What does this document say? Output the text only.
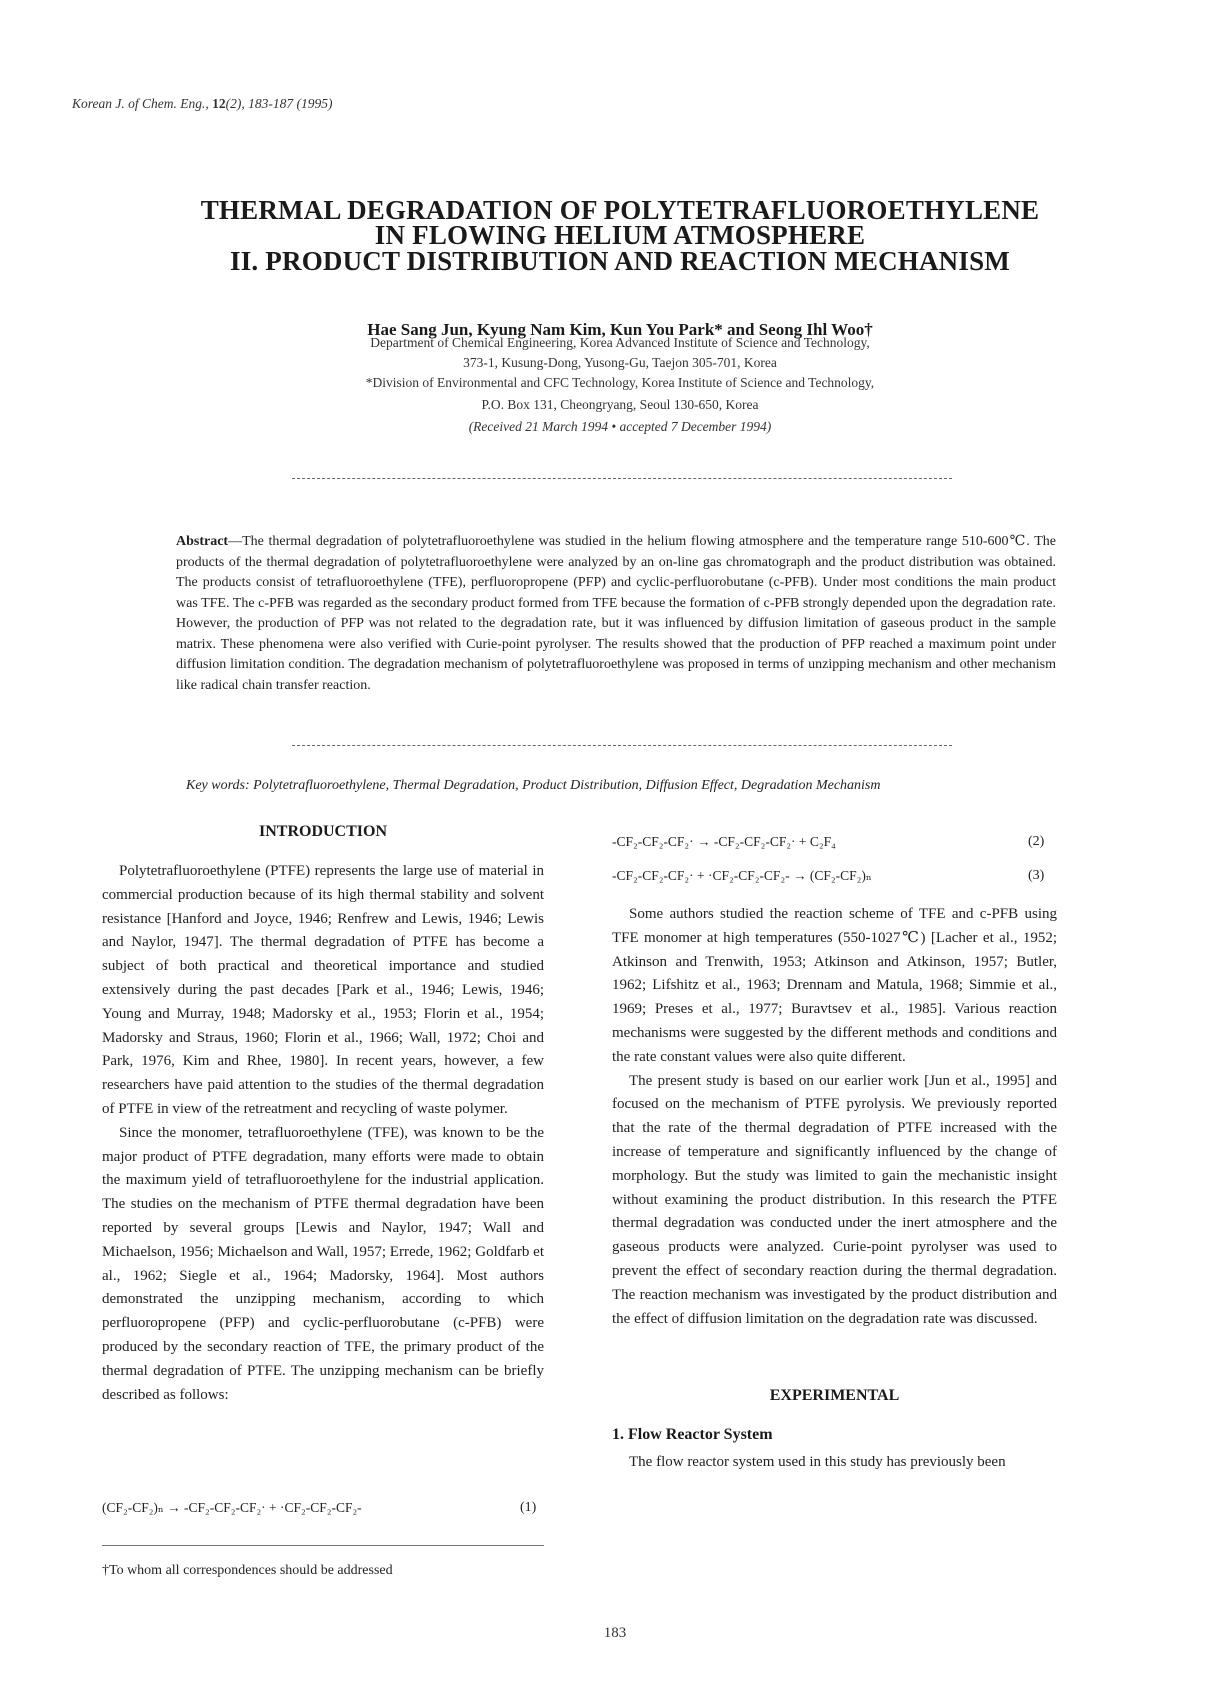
Korean J. of Chem. Eng., 12(2), 183-187 (1995)
THERMAL DEGRADATION OF POLYTETRAFLUOROETHYLENE
IN FLOWING HELIUM ATMOSPHERE
II. PRODUCT DISTRIBUTION AND REACTION MECHANISM
Hae Sang Jun, Kyung Nam Kim, Kun You Park* and Seong Ihl Woo†
Department of Chemical Engineering, Korea Advanced Institute of Science and Technology,
373-1, Kusung-Dong, Yusong-Gu, Taejon 305-701, Korea
*Division of Environmental and CFC Technology, Korea Institute of Science and Technology,
P.O. Box 131, Cheongryang, Seoul 130-650, Korea
(Received 21 March 1994 • accepted 7 December 1994)
Abstract—The thermal degradation of polytetrafluoroethylene was studied in the helium flowing atmosphere and the temperature range 510-600℃. The products of the thermal degradation of polytetrafluoroethylene were analyzed by an on-line gas chromatograph and the product distribution was obtained. The products consist of tetrafluoroethylene (TFE), perfluoropropene (PFP) and cyclic-perfluorobutane (c-PFB). Under most conditions the main product was TFE. The c-PFB was regarded as the secondary product formed from TFE because the formation of c-PFB strongly depended upon the degradation rate. However, the production of PFP was not related to the degradation rate, but it was influenced by diffusion limitation of gaseous product in the sample matrix. These phenomena were also verified with Curie-point pyrolyser. The results showed that the production of PFP reached a maximum point under diffusion limitation condition. The degradation mechanism of polytetrafluoroethylene was proposed in terms of unzipping mechanism and other mechanism like radical chain transfer reaction.
Key words: Polytetrafluoroethylene, Thermal Degradation, Product Distribution, Diffusion Effect, Degradation Mechanism
INTRODUCTION

Polytetrafluoroethylene (PTFE) represents the large use of material in commercial production because of its high thermal stability and solvent resistance [Hanford and Joyce, 1946; Renfrew and Lewis, 1946; Lewis and Naylor, 1947]. The thermal degradation of PTFE has become a subject of both practical and theoretical importance and studied extensively during the past decades [Park et al., 1946; Lewis, 1946; Young and Murray, 1948; Madorsky et al., 1953; Florin et al., 1954; Madorsky and Straus, 1960; Florin et al., 1966; Wall, 1972; Choi and Park, 1976, Kim and Rhee, 1980]. In recent years, however, a few researchers have paid attention to the studies of the thermal degradation of PTFE in view of the retreatment and recycling of waste polymer.

Since the monomer, tetrafluoroethylene (TFE), was known to be the major product of PTFE degradation, many efforts were made to obtain the maximum yield of tetrafluoroethylene for the industrial application. The studies on the mechanism of PTFE thermal degradation have been reported by several groups [Lewis and Naylor, 1947; Wall and Michaelson, 1956; Michaelson and Wall, 1957; Errede, 1962; Goldfarb et al., 1962; Siegle et al., 1964; Madorsky, 1964]. Most authors demonstrated the unzipping mechanism, according to which perfluoropropene (PFP) and cyclic-perfluorobutane (c-PFB) were produced by the secondary reaction of TFE, the primary product of the thermal degradation of PTFE. The unzipping mechanism can be briefly described as follows:

(CF₂-CF₂)ₙ → -CF₂-CF₂-CF₂· + ·CF₂-CF₂-CF₂-	(1)
†To whom all correspondences should be addressed
-CF₂-CF₂-CF₂· → -CF₂-CF₂-CF₂· + C₂F₄	(2)
-CF₂-CF₂-CF₂· + ·CF₂-CF₂-CF₂- → (CF₂-CF₂)ₙ	(3)

Some authors studied the reaction scheme of TFE and c-PFB using TFE monomer at high temperatures (550-1027℃) [Lacher et al., 1952; Atkinson and Trenwith, 1953; Atkinson and Atkinson, 1957; Butler, 1962; Lifshitz et al., 1963; Drennam and Matula, 1968; Simmie et al., 1969; Preses et al., 1977; Buravtsev et al., 1985]. Various reaction mechanisms were suggested by the different methods and conditions and the rate constant values were also quite different.

The present study is based on our earlier work [Jun et al., 1995] and focused on the mechanism of PTFE pyrolysis. We previously reported that the rate of the thermal degradation of PTFE increased with the increase of temperature and significantly influenced by the change of morphology. But the study was limited to gain the mechanistic insight without examining the product distribution. In this research the PTFE thermal degradation was conducted under the inert atmosphere and the gaseous products were analyzed. Curie-point pyrolyser was used to prevent the effect of secondary reaction during the thermal degradation. The reaction mechanism was investigated by the product distribution and the effect of diffusion limitation on the degradation rate was discussed.

EXPERIMENTAL
1. Flow Reactor System

The flow reactor system used in this study has previously been

183
